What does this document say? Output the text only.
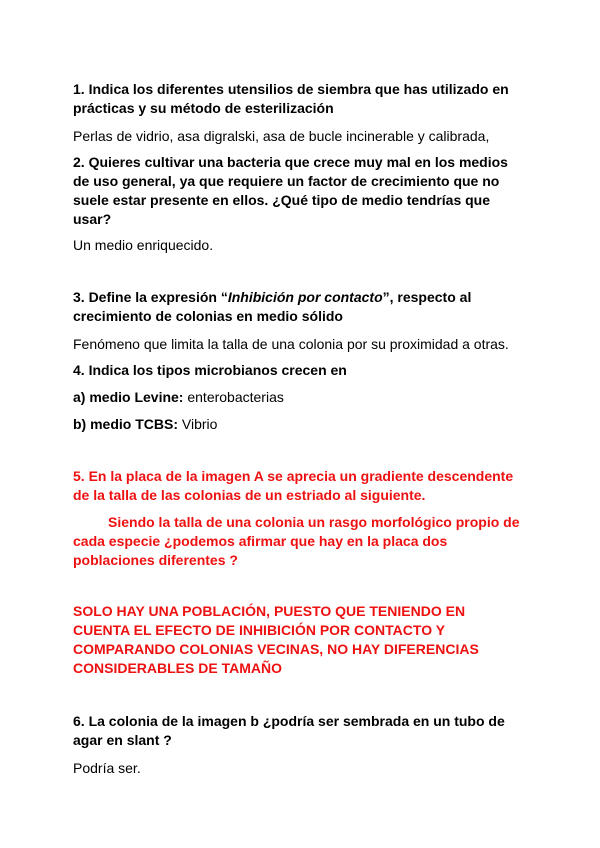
1. Indica los diferentes utensilios de siembra que has utilizado en
prácticas y su método de esterilización
Perlas de vidrio, asa digralski, asa de bucle incinerable y calibrada,
2. Quieres cultivar una bacteria que crece muy mal en los medios
de uso general, ya que requiere un factor de crecimiento que no
suele estar presente en ellos. ¿Qué tipo de medio tendrías que
usar?
Un medio enriquecido.
3. Define la expresión “Inhibición por contacto”, respecto al
crecimiento de colonias en medio sólido
Fenómeno que limita la talla de una colonia por su proximidad a otras.
4. Indica los tipos microbianos crecen en
a) medio Levine: enterobacterias
b) medio TCBS: Vibrio
5. En la placa de la imagen A se aprecia un gradiente descendente
de la talla de las colonias de un estriado al siguiente.
Siendo la talla de una colonia un rasgo morfológico propio de
cada especie ¿podemos afirmar que hay en la placa dos
poblaciones diferentes ?
SOLO HAY UNA POBLACIÓN, PUESTO QUE TENIENDO EN
CUENTA EL EFECTO DE INHIBICIÓN POR CONTACTO Y
COMPARANDO COLONIAS VECINAS, NO HAY DIFERENCIAS
CONSIDERABLES DE TAMAÑO
6. La colonia de la imagen b ¿podría ser sembrada en un tubo de
agar en slant ?
Podría ser.
